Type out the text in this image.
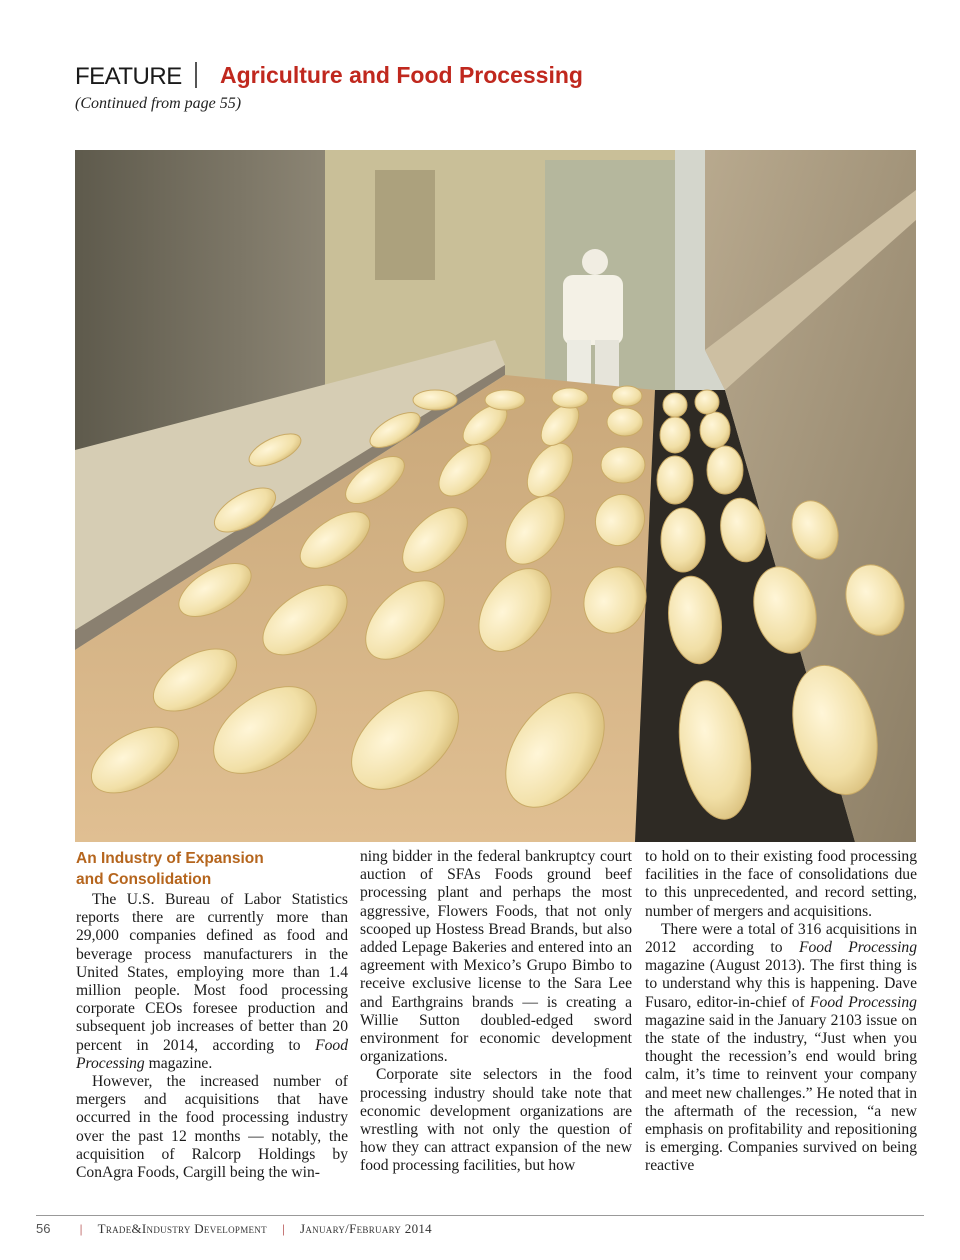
FEATURE Agriculture and Food Processing
(Continued from page 55)
An Industry of Expansion
and Consolidation

The U.S. Bureau of Labor Statistics reports there are currently more than 29,000 companies defined as food and beverage process manufacturers in the United States, employing more than 1.4 million people. Most food processing corporate CEOs foresee production and subsequent job increases of better than 20 percent in 2014, according to Food Processing magazine.

However, the increased number of mergers and acquisitions that have occurred in the food processing industry over the past 12 months — notably, the acquisition of Ralcorp Holdings by ConAgra Foods, Cargill being the win-

ning bidder in the federal bankruptcy court auction of SFAs Foods ground beef processing plant and perhaps the most aggressive, Flowers Foods, that not only scooped up Hostess Bread Brands, but also added Lepage Bakeries and entered into an agreement with Mexico’s Grupo Bimbo to receive exclusive license to the Sara Lee and Earthgrains brands — is creating a Willie Sutton doubled-edged sword environment for economic development organizations.

Corporate site selectors in the food processing industry should take note that economic development organizations are wrestling with not only the question of how they can attract expansion of the new food processing facilities, but how

to hold on to their existing food processing facilities in the face of consolidations due to this unprecedented, and record setting, number of mergers and acquisitions.

There were a total of 316 acquisitions in 2012 according to Food Processing magazine (August 2013). The first thing is to understand why this is happening. Dave Fusaro, editor-in-chief of Food Processing magazine said in the January 2103 issue on the state of the industry, “Just when you thought the recession’s end would bring calm, it’s time to reinvent your company and meet new challenges.” He noted that in the aftermath of the recession, “a new emphasis on profitability and repositioning is emerging. Companies survived on being reactive

56 | Trade&Industry Development | January/February 2014
